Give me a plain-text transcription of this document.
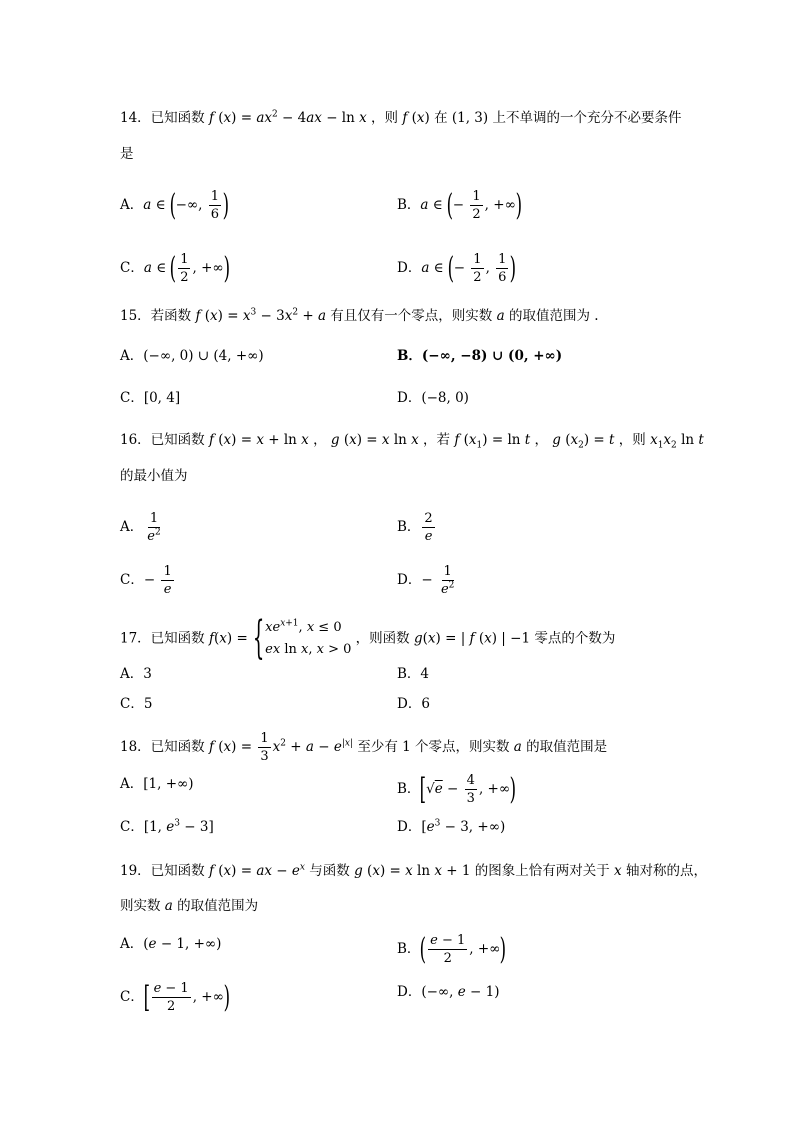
14．已知函数 f $(x) = ax^2 - 4ax - \ln x$ ，则 f (x) 在 (1, 3) 上不单调的一个充分不必要条件
是
A．a ∈ (−∞, $\frac{1}{6}$ )	B．a ∈ (− $\frac{1}{2}$ , +∞)
C．a ∈ ( $\frac{1}{2}$ , +∞)	D．a ∈ (− $\frac{1}{2}$ , $\frac{1}{6}$ )
15．若函数 f $(x) = x^3 - 3x^2 + a$ 有且仅有一个零点，则实数 a 的取值范围为 .
A．(−∞, 0) ∪ (4, +∞)	B．(−∞, −8) ∪ (0, +∞)
C．[0, 4]	D．(−8, 0)
16．已知函数 f (x) = x + ln x ， g (x) = x ln x ，若 f $(x_1) = \ln t$ ， g $(x_2) = t$ ，则 $x_1x_2$ ln t
的最小值为
A． $\frac{1}{e^2}$	B． $\frac{2}{e}$
C．− $\frac{1}{e}$	D．− $\frac{1}{e^2}$
17．已知函数 f(x) = { $xe^{x+1}$, x ≤ 0
ex ln x, x > 0
，则函数 g(x) = | f (x) | −1 零点的个数为
A．3	B．4
C．5	D．6
18．已知函数 f $(x) = \frac{1}{3} x^2 + a - e^{|x|}$ 至少有 1 个零点，则实数 a 的取值范围是
A．[1, +∞)	B．[$√e - \frac{4}{3}$ , +∞)
C．[1, $e^3 - 3$]	D．[$e^3 - 3$, +∞)
19．已知函数 f (x) = ax − $e^x$ 与函数 g (x) = x ln x + 1 的图象上恰有两对关于 x 轴对称的点，
则实数 a 的取值范围为
A．(e − 1, +∞)	B．( $\frac{e - 1}{2}$ , +∞)
C．[ $\frac{e - 1}{2}$ , +∞)	D．(−∞, e − 1)
